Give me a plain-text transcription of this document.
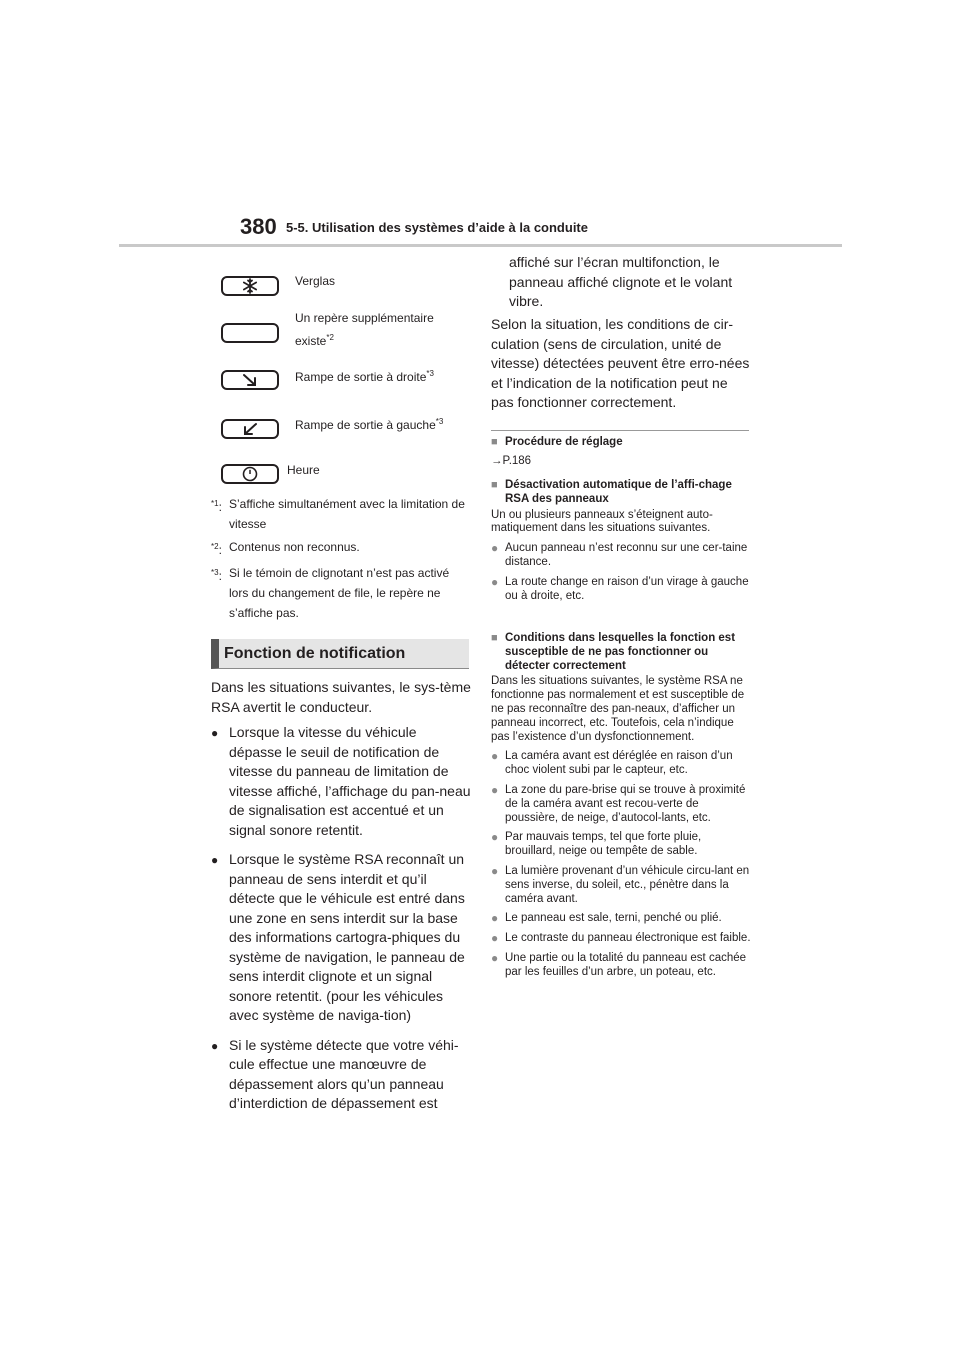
380 5-5. Utilisation des systèmes d’aide à la conduite
Verglas
Un repère supplémentaire
existe$^{*2}$
Rampe de sortie à droite$^{*3}$
Rampe de sortie à gauche$^{*3}$
Heure
$^{*1}$: S’affiche simultanément avec la limitation de vitesse
$^{*2}$: Contenus non reconnus.
$^{*3}$: Si le témoin de clignotant n’est pas activé lors du changement de file, le repère ne s’affiche pas.
Fonction de notification

Dans les situations suivantes, le sys-tème RSA avertit le conducteur.

● Lorsque la vitesse du véhicule dépasse le seuil de notification de vitesse du panneau de limitation de vitesse affiché, l’affichage du pan-neau de signalisation est accentué et un signal sonore retentit.
● Lorsque le système RSA reconnaît un panneau de sens interdit et qu’il détecte que le véhicule est entré dans une zone en sens interdit sur la base des informations cartogra-phiques du système de navigation, le panneau de sens interdit clignote et un signal sonore retentit. (pour les véhicules avec système de naviga-tion)
● Si le système détecte que votre véhi-cule effectue une manœuvre de dépassement alors qu’un panneau d’interdiction de dépassement est
affiché sur l’écran multifonction, le panneau affiché clignote et le volant vibre.
Selon la situation, les conditions de cir-culation (sens de circulation, unité de vitesse) détectées peuvent être erro-nées et l’indication de la notification peut ne pas fonctionner correctement.
■ Procédure de réglage
→P.186
■ Désactivation automatique de l’affi-chage RSA des panneaux
Un ou plusieurs panneaux s’éteignent auto-matiquement dans les situations suivantes.
● Aucun panneau n’est reconnu sur une cer-taine distance.
● La route change en raison d’un virage à gauche ou à droite, etc.
■ Conditions dans lesquelles la fonction est susceptible de ne pas fonctionner ou détecter correctement
Dans les situations suivantes, le système RSA ne fonctionne pas normalement et est susceptible de ne pas reconnaître des pan-neaux, d’afficher un panneau incorrect, etc. Toutefois, cela n’indique pas l’existence d’un dysfonctionnement.
● La caméra avant est déréglée en raison d’un choc violent subi par le capteur, etc.
● La zone du pare-brise qui se trouve à proximité de la caméra avant est recou-verte de poussière, de neige, d’autocol-lants, etc.
● Par mauvais temps, tel que forte pluie, brouillard, neige ou tempête de sable.
● La lumière provenant d’un véhicule circu-lant en sens inverse, du soleil, etc., pénètre dans la caméra avant.
● Le panneau est sale, terni, penché ou plié.
● Le contraste du panneau électronique est faible.
● Une partie ou la totalité du panneau est cachée par les feuilles d’un arbre, un poteau, etc.
